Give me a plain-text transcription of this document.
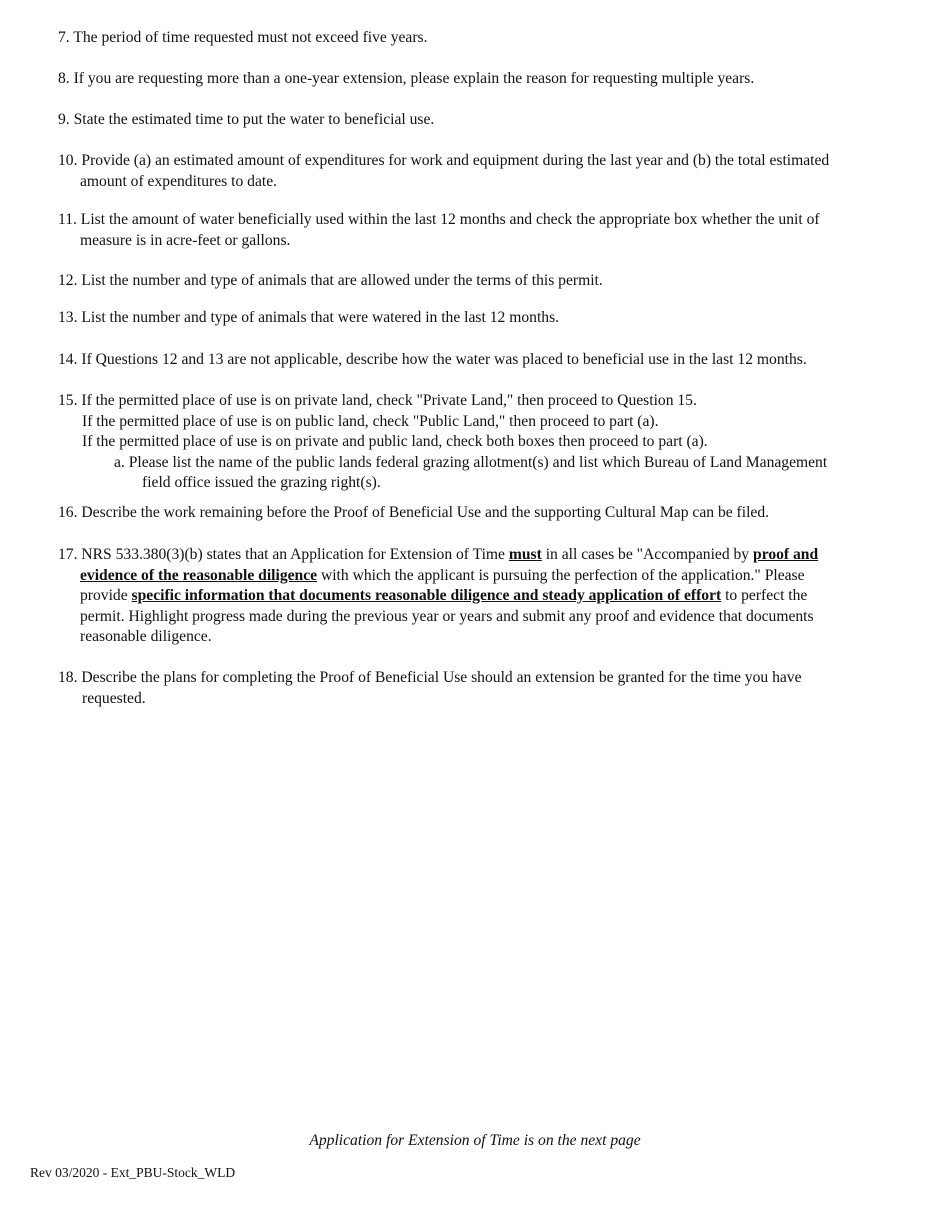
7. The period of time requested must not exceed five years.

8. If you are requesting more than a one-year extension, please explain the reason for requesting multiple years.

9. State the estimated time to put the water to beneficial use.

10. Provide (a) an estimated amount of expenditures for work and equipment during the last year and (b) the total estimated

amount of expenditures to date.

11. List the amount of water beneficially used within the last 12 months and check the appropriate box whether the unit of

measure is in acre-feet or gallons.

12. List the number and type of animals that are allowed under the terms of this permit.

13. List the number and type of animals that were watered in the last 12 months.

14. If Questions 12 and 13 are not applicable, describe how the water was placed to beneficial use in the last 12 months.

15. If the permitted place of use is on private land, check "Private Land," then proceed to Question 15.

If the permitted place of use is on public land, check "Public Land," then proceed to part (a).

If the permitted place of use is on private and public land, check both boxes then proceed to part (a).

a. Please list the name of the public lands federal grazing allotment(s) and list which Bureau of Land Management
field office issued the grazing right(s).

16. Describe the work remaining before the Proof of Beneficial Use and the supporting Cultural Map can be filed.

17. NRS 533.380(3)(b) states that an Application for Extension of Time must in all cases be "Accompanied by proof and

evidence of the reasonable diligence with which the applicant is pursuing the perfection of the application." Please

provide specific information that documents reasonable diligence and steady application of effort to perfect the

permit. Highlight progress made during the previous year or years and submit any proof and evidence that documents

reasonable diligence.

18. Describe the plans for completing the Proof of Beneficial Use should an extension be granted for the time you have

requested.

Application for Extension of Time is on the next page
Rev 03/2020 - Ext_PBU-Stock_WLD
